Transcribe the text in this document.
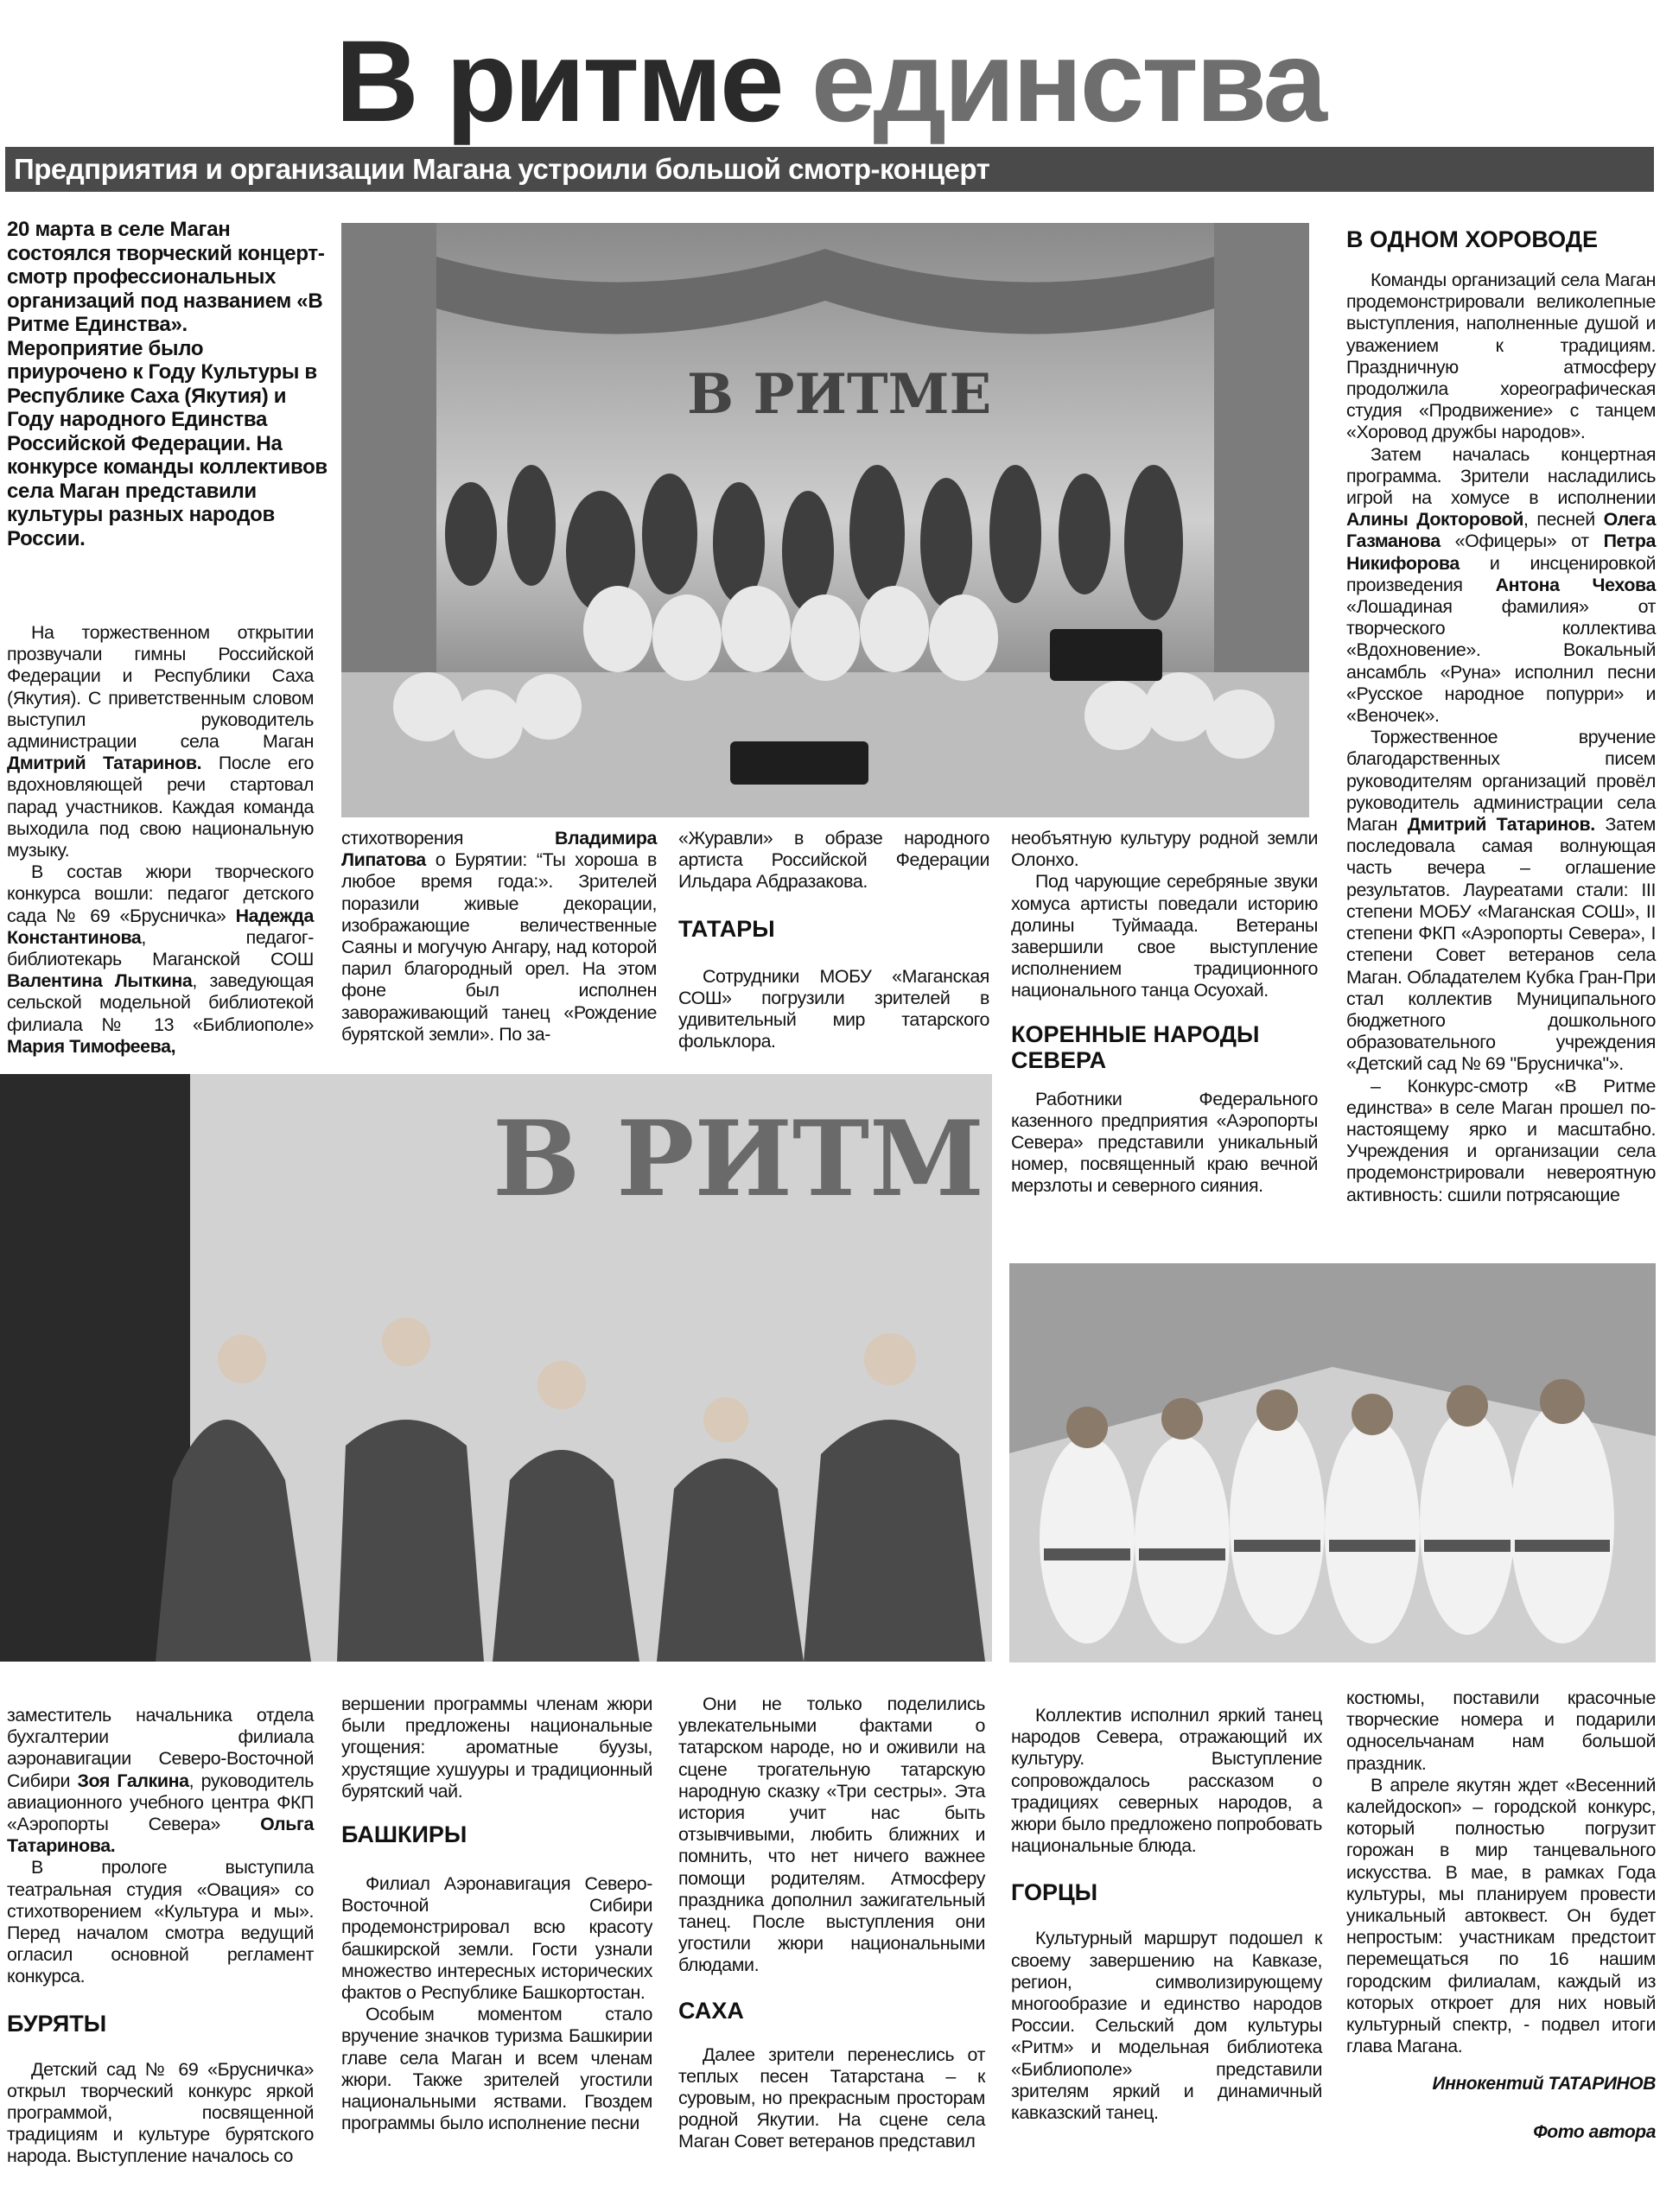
В ритме единства
Предприятия и организации Магана устроили большой смотр-концерт

20 марта в селе Маган состоялся творческий концерт-смотр профессиональных организаций под названием «В Ритме Единства». Мероприятие было приурочено к Году Культуры в Республике Саха (Якутия) и Году народного Единства Российской Федерации. На конкурсе команды коллективов села Маган представили культуры разных народов России.

На торжественном открытии прозвучали гимны Российской Федерации и Республики Саха (Якутия). С приветственным словом выступил руководитель администрации села Маган Дмитрий Татаринов. После его вдохновляющей речи стартовал парад участников. Каждая команда выходила под свою национальную музыку.

В состав жюри творческого конкурса вошли: педагог детского сада № 69 «Брусничка» Надежда Константинова, педагог-библиотекарь Маганской СОШ Валентина Лыткина, заведующая сельской модельной библиотекой филиала № 13 «Библиополе» Мария Тимофеева,

В РИТМЕ

стихотворения Владимира Липатова о Бурятии: “Ты хороша в любое время года:». Зрителей поразили живые декорации, изображающие величественные Саяны и могучую Ангару, над которой парил благородный орел. На этом фоне был исполнен завораживающий танец «Рождение бурятской земли». По за-

«Журавли» в образе народного артиста Российской Федерации Ильдара Абдразакова.

ТАТАРЫ

Сотрудники МОБУ «Маганская СОШ» погрузили зрителей в удивительный мир татарского фольклора.

необъятную культуру родной земли Олонхо.

Под чарующие серебряные звуки хомуса артисты поведали историю долины Туймаада. Ветераны завершили свое выступление исполнением традиционного национального танца Осуохай.

КОРЕННЫЕ НАРОДЫ СЕВЕРА

Работники Федерального казенного предприятия «Аэропорты Севера» представили уникальный номер, посвященный краю вечной мерзлоты и северного сияния.

В ОДНОМ ХОРОВОДЕ

Команды организаций села Маган продемонстрировали великолепные выступления, наполненные душой и уважением к традициям. Праздничную атмосферу продолжила хореографическая студия «Продвижение» с танцем «Хоровод дружбы народов».

Затем началась концертная программа. Зрители насладились игрой на хомусе в исполнении Алины Докторовой, песней Олега Газманова «Офицеры» от Петра Никифорова и инсценировкой произведения Антона Чехова «Лошадиная фамилия» от творческого коллектива «Вдохновение». Вокальный ансамбль «Руна» исполнил песни «Русское народное попурри» и «Веночек».

Торжественное вручение благодарственных писем руководителям организаций провёл руководитель администрации села Маган Дмитрий Татаринов. Затем последовала самая волнующая часть вечера – оглашение результатов. Лауреатами стали: III степени МОБУ «Маганская СОШ», II степени ФКП «Аэропорты Севера», I степени Совет ветеранов села Маган. Обладателем Кубка Гран-При стал коллектив Муниципального бюджетного дошкольного образовательного учреждения «Детский сад № 69 "Брусничка"».

– Конкурс-смотр «В Ритме единства» в селе Маган прошел по-настоящему ярко и масштабно. Учреждения и организации села продемонстрировали невероятную активность: сшили потрясающие

В РИТМ

заместитель начальника отдела бухгалтерии филиала аэронавигации Северо-Восточной Сибири Зоя Галкина, руководитель авиационного учебного центра ФКП «Аэропорты Севера» Ольга Татаринова.

В прологе выступила театральная студия «Овация» со стихотворением «Культура и мы». Перед началом смотра ведущий огласил основной регламент конкурса.

БУРЯТЫ

Детский сад № 69 «Брусничка» открыл творческий конкурс яркой программой, посвященной традициям и культуре бурятского народа. Выступление началось со

вершении программы членам жюри были предложены национальные угощения: ароматные буузы, хрустящие хушууры и традиционный бурятский чай.

БАШКИРЫ

Филиал Аэронавигация Северо-Восточной Сибири продемонстрировал всю красоту башкирской земли. Гости узнали множество интересных исторических фактов о Республике Башкортостан.

Особым моментом стало вручение значков туризма Башкирии главе села Маган и всем членам жюри. Также зрителей угостили национальными яствами. Гвоздем программы было исполнение песни

Они не только поделились увлекательными фактами о татарском народе, но и оживили на сцене трогательную татарскую народную сказку «Три сестры». Эта история учит нас быть отзывчивыми, любить ближних и помнить, что нет ничего важнее помощи родителям. Атмосферу праздника дополнил зажигательный танец. После выступления они угостили жюри национальными блюдами.

САХА

Далее зрители перенеслись от теплых песен Татарстана – к суровым, но прекрасным просторам родной Якутии. На сцене села Маган Совет ветеранов представил

Коллектив исполнил яркий танец народов Севера, отражающий их культуру. Выступление сопровождалось рассказом о традициях северных народов, а жюри было предложено попробовать национальные блюда.

ГОРЦЫ

Культурный маршрут подошел к своему завершению на Кавказе, регион, символизирующему многообразие и единство народов России. Сельский дом культуры «Ритм» и модельная библиотека «Библиополе» представили зрителям яркий и динамичный кавказский танец.

костюмы, поставили красочные творческие номера и подарили односельчанам нам большой праздник.

В апреле якутян ждет «Весенний калейдоскоп» – городской конкурс, который полностью погрузит горожан в мир танцевального искусства. В мае, в рамках Года культуры, мы планируем провести уникальный автоквест. Он будет непростым: участникам предстоит перемещаться по 16 нашим городским филиалам, каждый из которых откроет для них новый культурный спектр, - подвел итоги глава Магана.

Иннокентий ТАТАРИНОВ
Фото автора
